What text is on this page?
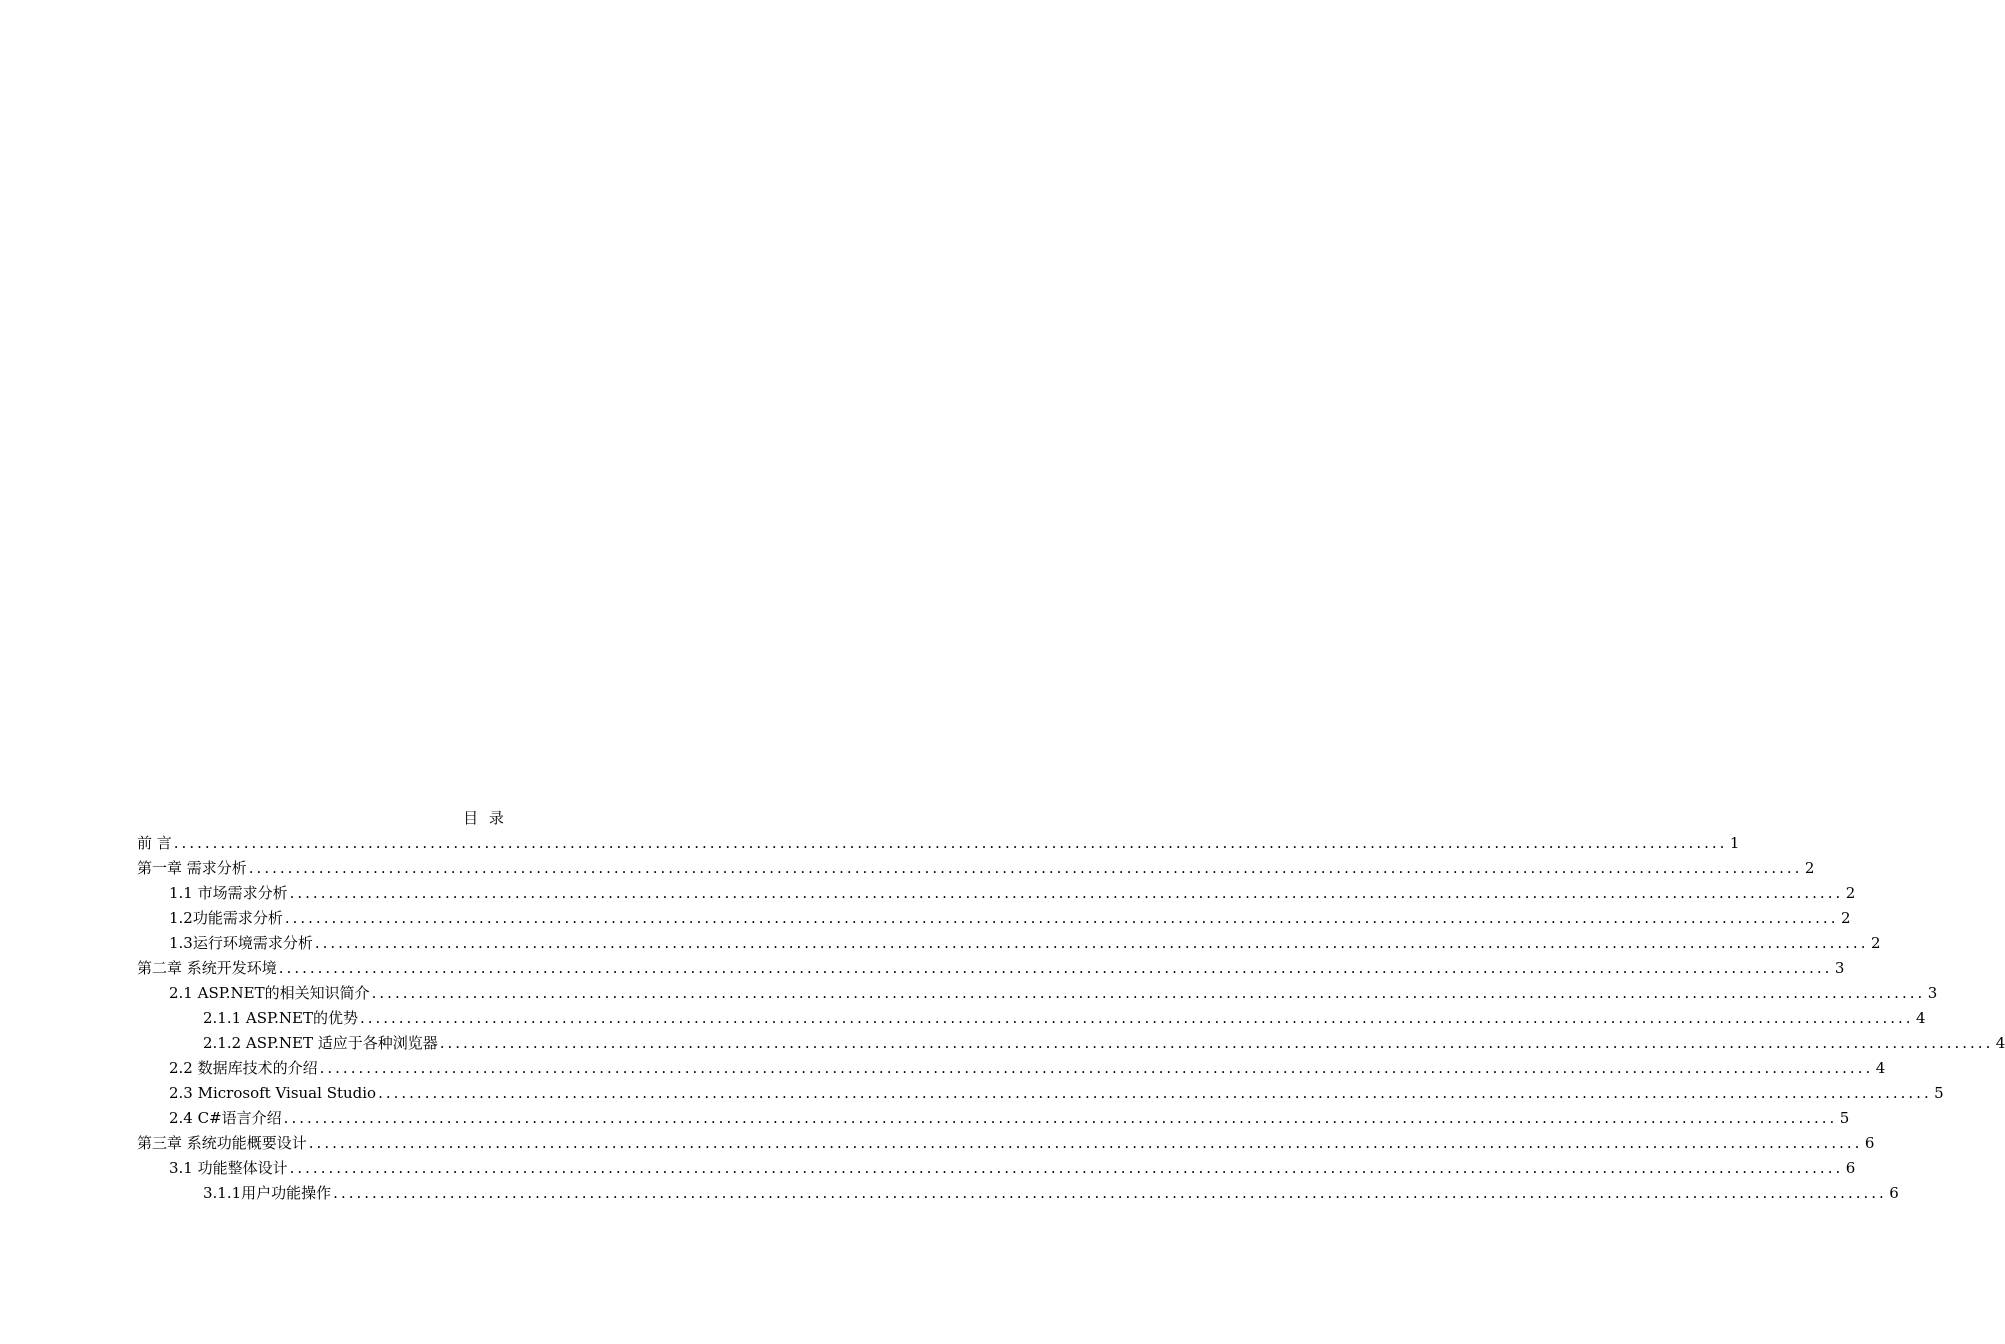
目 录
前 言 ........................................................................................................................................................................................................ 1
第一章 需求分析 ........................................................................................................................................................................................................ 2
1.1 市场需求分析 ........................................................................................................................................................................................................ 2
1.2功能需求分析 ........................................................................................................................................................................................................ 2
1.3运行环境需求分析 ........................................................................................................................................................................................................ 2
第二章 系统开发环境 ........................................................................................................................................................................................................ 3
2.1 ASP.NET的相关知识简介 ........................................................................................................................................................................................................ 3
2.1.1 ASP.NET的优势 ........................................................................................................................................................................................................ 4
2.1.2 ASP.NET 适应于各种浏览器 ........................................................................................................................................................................................................ 4
2.2 数据库技术的介绍 ........................................................................................................................................................................................................ 4
2.3 Microsoft Visual Studio ........................................................................................................................................................................................................ 5
2.4 C#语言介绍 ........................................................................................................................................................................................................ 5
第三章 系统功能概要设计 ........................................................................................................................................................................................................ 6
3.1 功能整体设计 ........................................................................................................................................................................................................ 6
3.1.1用户功能操作 ........................................................................................................................................................................................................ 6
